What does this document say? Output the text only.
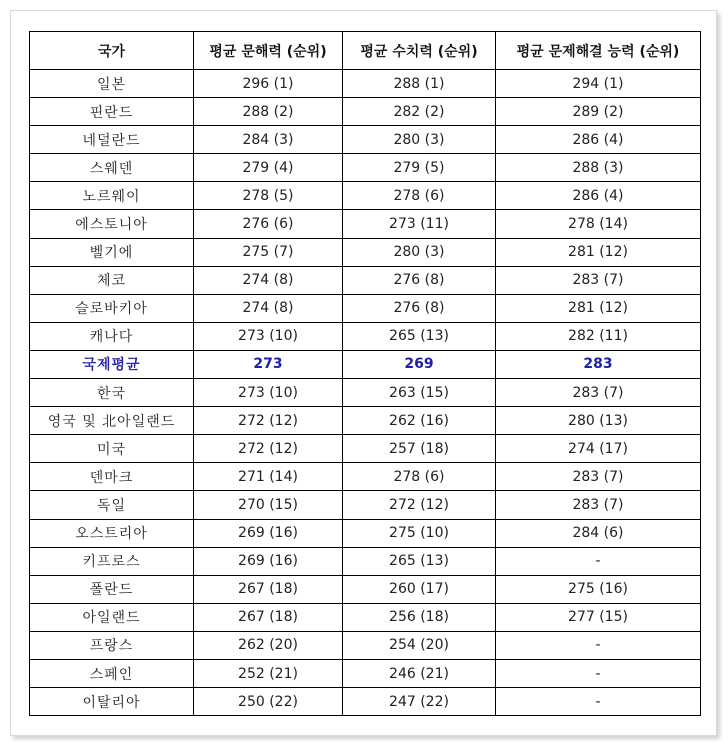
국가	평균 문해력 (순위)	평균 수치력 (순위)	평균 문제해결 능력 (순위)
일본	296 (1)	288 (1)	294 (1)
핀란드	288 (2)	282 (2)	289 (2)
네덜란드	284 (3)	280 (3)	286 (4)
스웨덴	279 (4)	279 (5)	288 (3)
노르웨이	278 (5)	278 (6)	286 (4)
에스토니아	276 (6)	273 (11)	278 (14)
벨기에	275 (7)	280 (3)	281 (12)
체코	274 (8)	276 (8)	283 (7)
슬로바키아	274 (8)	276 (8)	281 (12)
캐나다	273 (10)	265 (13)	282 (11)
국제평균	273	269	283
한국	273 (10)	263 (15)	283 (7)
영국 및 北아일랜드	272 (12)	262 (16)	280 (13)
미국	272 (12)	257 (18)	274 (17)
덴마크	271 (14)	278 (6)	283 (7)
독일	270 (15)	272 (12)	283 (7)
오스트리아	269 (16)	275 (10)	284 (6)
키프로스	269 (16)	265 (13)	-
폴란드	267 (18)	260 (17)	275 (16)
아일랜드	267 (18)	256 (18)	277 (15)
프랑스	262 (20)	254 (20)	-
스페인	252 (21)	246 (21)	-
이탈리아	250 (22)	247 (22)	-
